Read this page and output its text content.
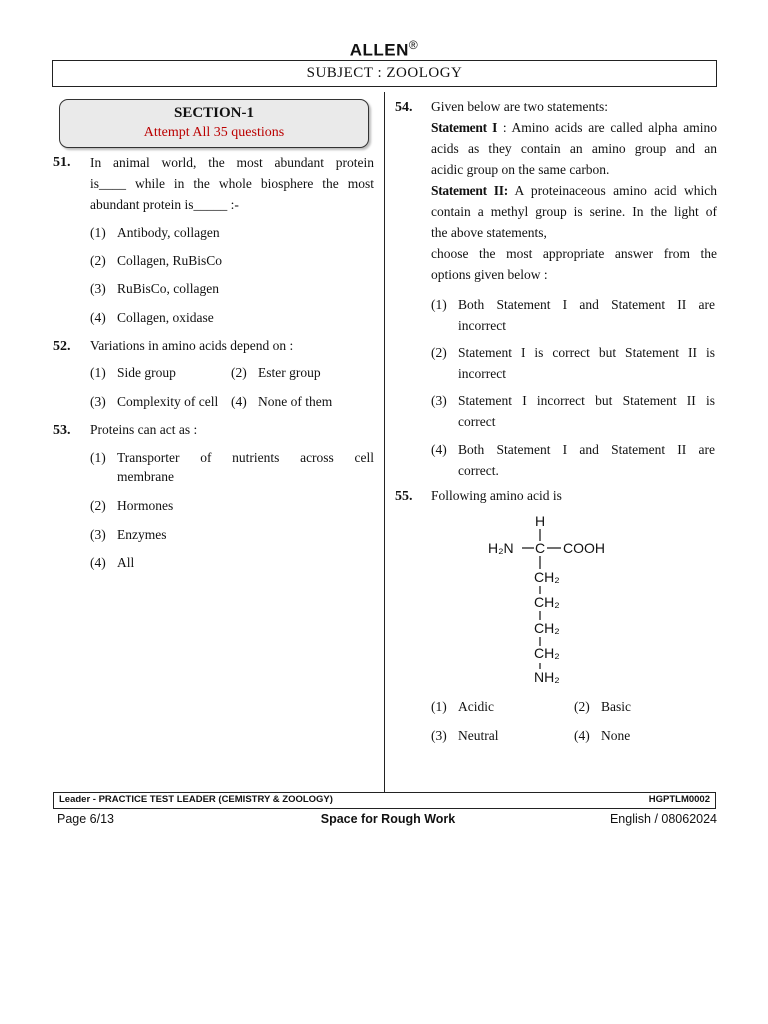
ALLEN®
SUBJECT : ZOOLOGY
SECTION-1
Attempt All 35 questions
51. In animal world, the most abundant protein
is____ while in the whole biosphere the most
abundant protein is_____ :-
(1) Antibody, collagen
(2) Collagen, RuBisCo
(3) RuBisCo, collagen
(4) Collagen, oxidase
52. Variations in amino acids depend on :
(1) Side group	(2) Ester group
(3) Complexity of cell (4) None of them
53. Proteins can act as :
(1) Transporter of nutrients across cell
membrane
(2) Hormones
(3) Enzymes
(4) All
54. Given below are two statements:
Statement I : Amino acids are called alpha amino
acids as they contain an amino group and an
acidic group on the same carbon.
Statement II: A proteinaceous amino acid which
contain a methyl group is serine. In the light of
the above statements,
choose the most appropriate answer from the
options given below :
(1) Both Statement I and Statement II are
incorrect
(2) Statement I is correct but Statement II is
incorrect
(3) Statement I incorrect but Statement II is
correct
(4) Both Statement I and Statement II are
correct.
55. Following amino acid is
H
H₂N C COOH
CH₂
CH₂
CH₂
CH₂
NH₂
(1) Acidic	(2) Basic
(3) Neutral	(4) None
Leader - PRACTICE TEST LEADER (CEMISTRY & ZOOLOGY)	HGPTLM0002
Page 6/13	Space for Rough Work	English / 08062024
